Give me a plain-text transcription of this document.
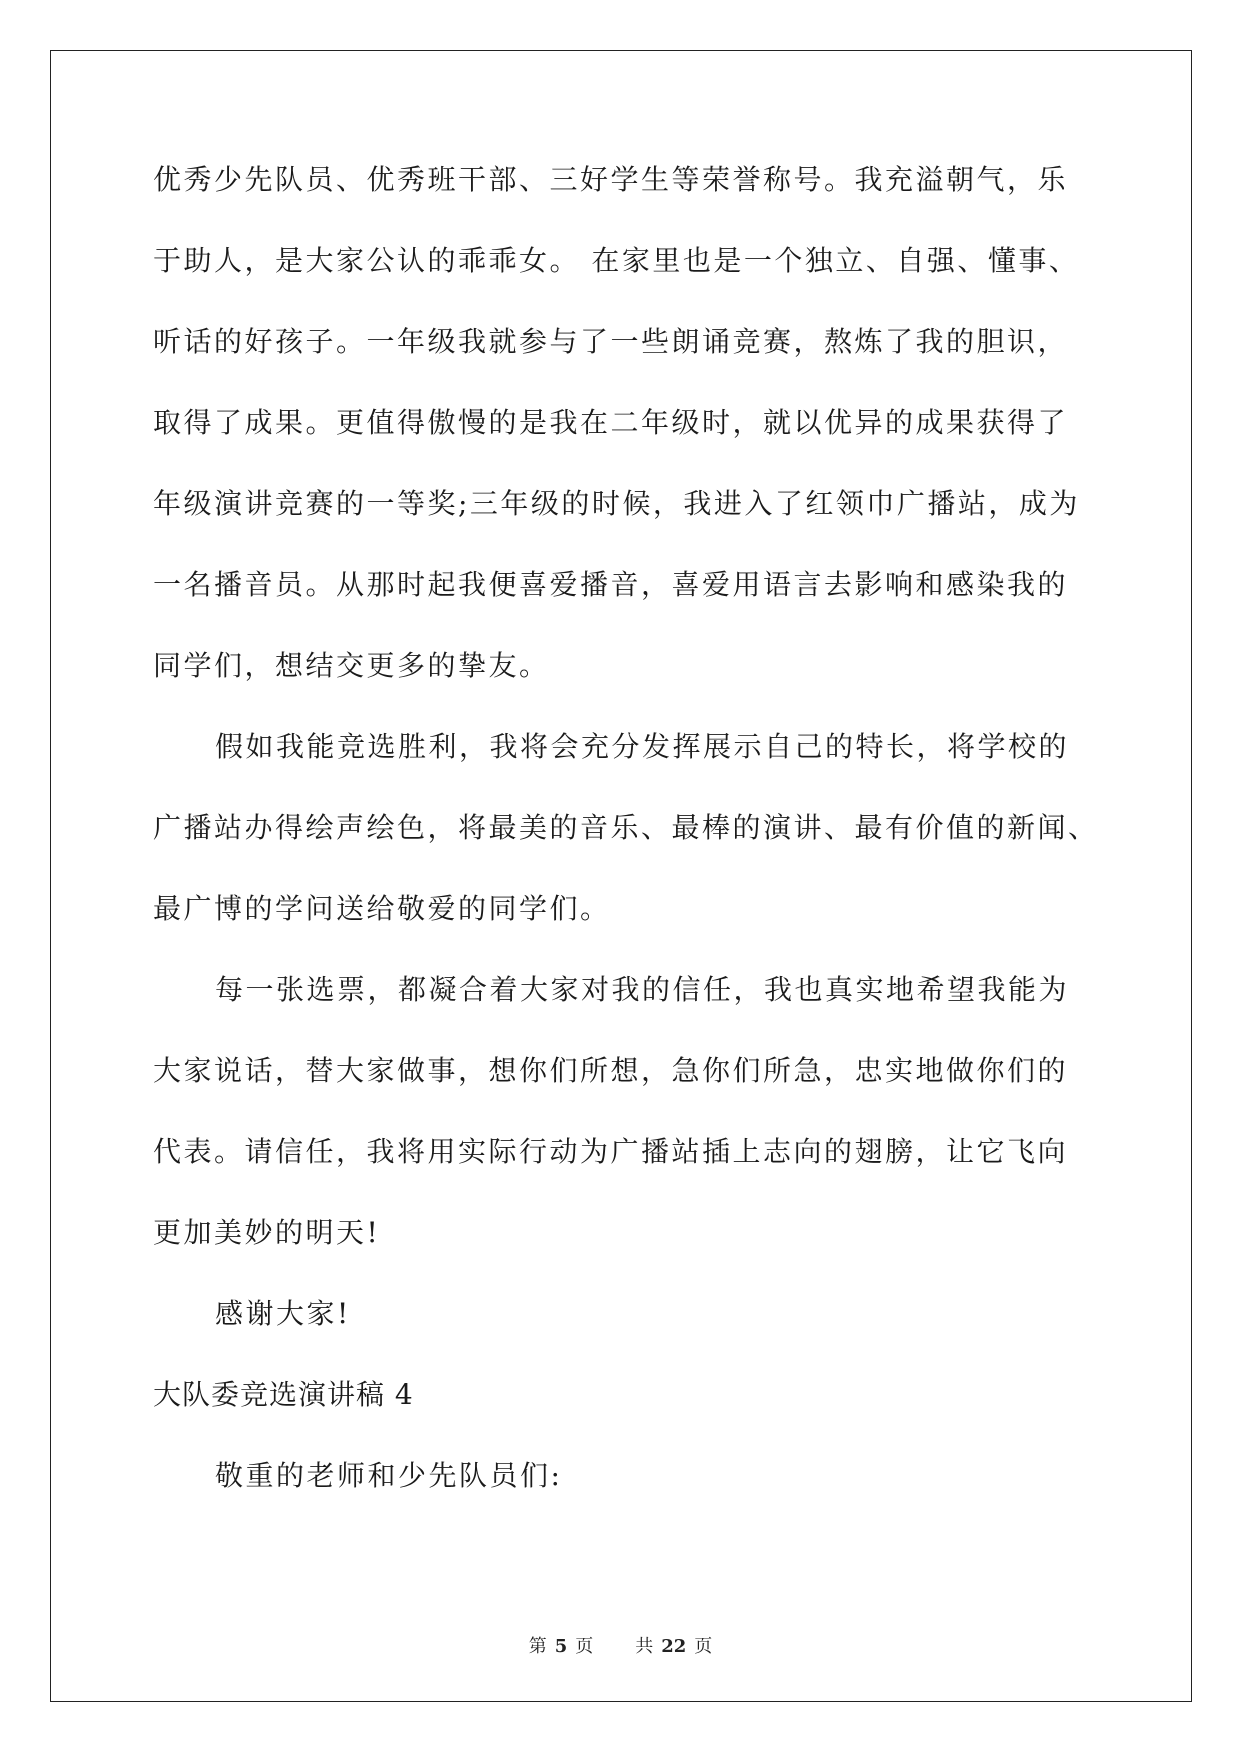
优秀少先队员、优秀班干部、三好学生等荣誉称号。我充溢朝气，乐
于助人，是大家公认的乖乖女。 在家里也是一个独立、自强、懂事、
听话的好孩子。一年级我就参与了一些朗诵竞赛，熬炼了我的胆识，
取得了成果。更值得傲慢的是我在二年级时，就以优异的成果获得了
年级演讲竞赛的一等奖;三年级的时候，我进入了红领巾广播站，成为
一名播音员。从那时起我便喜爱播音，喜爱用语言去影响和感染我的
同学们，想结交更多的挚友。
假如我能竞选胜利，我将会充分发挥展示自己的特长，将学校的
广播站办得绘声绘色，将最美的音乐、最棒的演讲、最有价值的新闻、
最广博的学问送给敬爱的同学们。
每一张选票，都凝合着大家对我的信任，我也真实地希望我能为
大家说话，替大家做事，想你们所想，急你们所急，忠实地做你们的
代表。请信任，我将用实际行动为广播站插上志向的翅膀，让它飞向
更加美妙的明天!
感谢大家!
大队委竞选演讲稿 4
敬重的老师和少先队员们:
第 5 页 共 22 页
